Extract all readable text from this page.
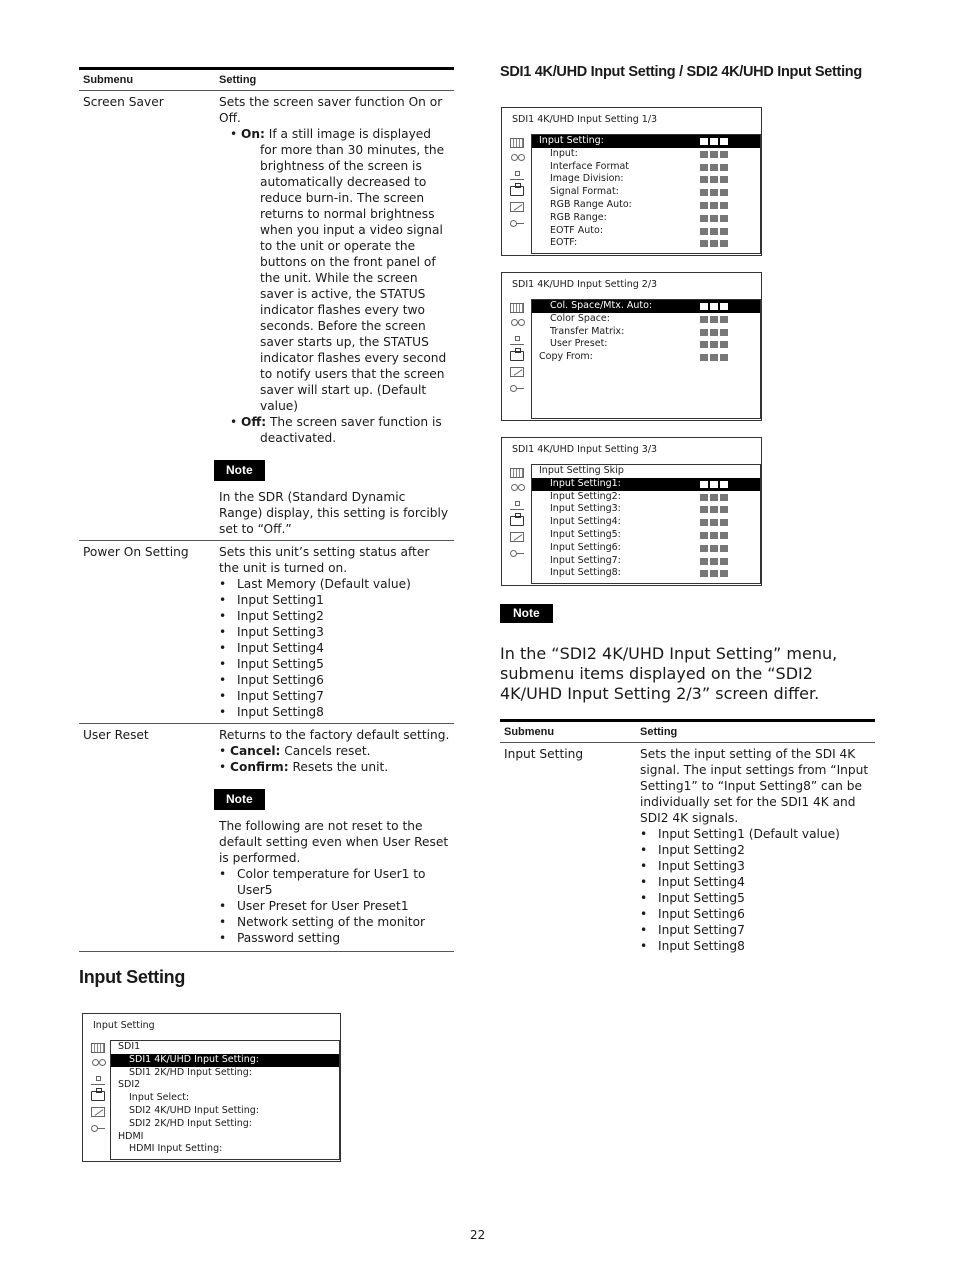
Submenu	Setting
Screen Saver	Sets the screen saver function On or Off.
• On: If a still image is displayed for more than 30 minutes, the brightness of the screen is automatically decreased to reduce burn-in. The screen returns to normal brightness when you input a video signal to the unit or operate the buttons on the front panel of the unit. While the screen saver is active, the STATUS indicator flashes every two seconds. Before the screen saver starts up, the STATUS indicator flashes every second to notify users that the screen saver will start up. (Default value)
• Off: The screen saver function is deactivated.
Note
In the SDR (Standard Dynamic Range) display, this setting is forcibly set to “Off.”
Power On Setting	Sets this unit’s setting status after the unit is turned on.
• Last Memory (Default value)
• Input Setting1
• Input Setting2
• Input Setting3
• Input Setting4
• Input Setting5
• Input Setting6
• Input Setting7
• Input Setting8
User Reset	Returns to the factory default setting.
• Cancel: Cancels reset.
• Confirm: Resets the unit.
Note
The following are not reset to the default setting even when User Reset is performed.
• Color temperature for User1 to User5
• User Preset for User Preset1
• Network setting of the monitor
• Password setting
Input Setting
Input Setting
SDI1
SDI1 4K/UHD Input Setting:
SDI1 2K/HD Input Setting:
SDI2
Input Select:
SDI2 4K/UHD Input Setting:
SDI2 2K/HD Input Setting:
HDMI
HDMI Input Setting:
SDI1 4K/UHD Input Setting / SDI2 4K/UHD Input Setting
SDI1 4K/UHD Input Setting 1/3
Input Setting:
Input:
Interface Format
Image Division:
Signal Format:
RGB Range Auto:
RGB Range:
EOTF Auto:
EOTF:
SDI1 4K/UHD Input Setting 2/3
Col. Space/Mtx. Auto:
Color Space:
Transfer Matrix:
User Preset:
Copy From:
SDI1 4K/UHD Input Setting 3/3
Input Setting Skip
Input Setting1:
Input Setting2:
Input Setting3:
Input Setting4:
Input Setting5:
Input Setting6:
Input Setting7:
Input Setting8:
Note
In the “SDI2 4K/UHD Input Setting” menu, submenu items displayed on the “SDI2 4K/UHD Input Setting 2/3” screen differ.
Submenu	Setting
Input Setting	Sets the input setting of the SDI 4K signal. The input settings from “Input Setting1” to “Input Setting8” can be individually set for the SDI1 4K and SDI2 4K signals.
• Input Setting1 (Default value)
• Input Setting2
• Input Setting3
• Input Setting4
• Input Setting5
• Input Setting6
• Input Setting7
• Input Setting8
22
